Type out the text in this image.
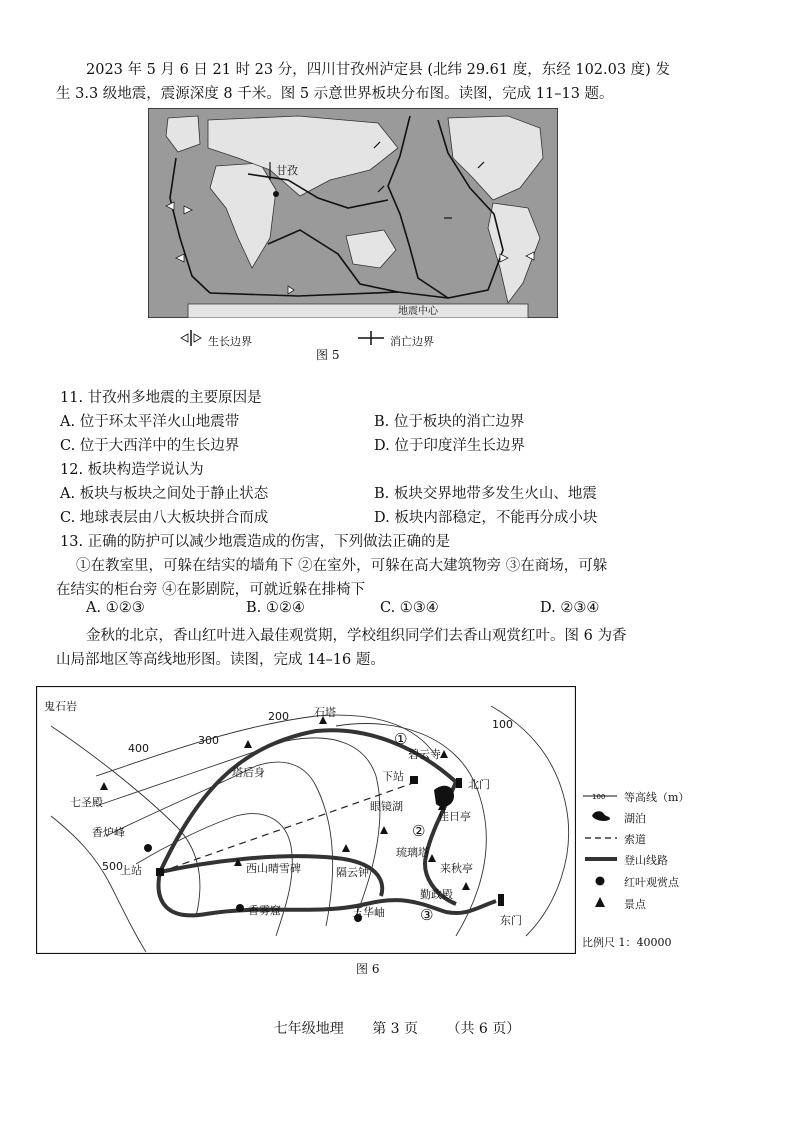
2023 年 5 月 6 日 21 时 23 分，四川甘孜州泸定县 (北纬 29.61 度，东经 102.03 度) 发
生 3.3 级地震，震源深度 8 千米。图 5 示意世界板块分布图。读图，完成 11–13 题。
甘孜
地震中心
生长边界	消亡边界
图 5
11. 甘孜州多地震的主要原因是
A. 位于环太平洋火山地震带	B. 位于板块的消亡边界
C. 位于大西洋中的生长边界	D. 位于印度洋生长边界
12. 板块构造学说认为
A. 板块与板块之间处于静止状态	B. 板块交界地带多发生火山、地震
C. 地球表层由八大板块拼合而成	D. 板块内部稳定，不能再分成小块
13. 正确的防护可以减少地震造成的伤害，下列做法正确的是
①在教室里，可躲在结实的墙角下 ②在室外，可躲在高大建筑物旁 ③在商场，可躲
在结实的柜台旁 ④在影剧院，可就近躲在排椅下
A. ①②③	B. ①②④	C. ①③④	D. ②③④
金秋的北京，香山红叶进入最佳观赏期，学校组织同学们去香山观赏红叶。图 6 为香
山局部地区等高线地形图。读图，完成 14–16 题。
鬼石岩
400
300
200
100
500
石塔
塔后身
碧云寺
下站
北门
七圣殿	眼镜湖
佳日亭
香炉峰
琉璃塔
上站	西山晴雪碑	隔云钟	来秋亭
勤政殿
香雾窟	玉华岫
东门
①
②
③
100 等高线（m）
湖泊
索道
登山线路
红叶观赏点
景点
比例尺 1：40000
图 6
七年级地理 第 3 页 （共 6 页）
